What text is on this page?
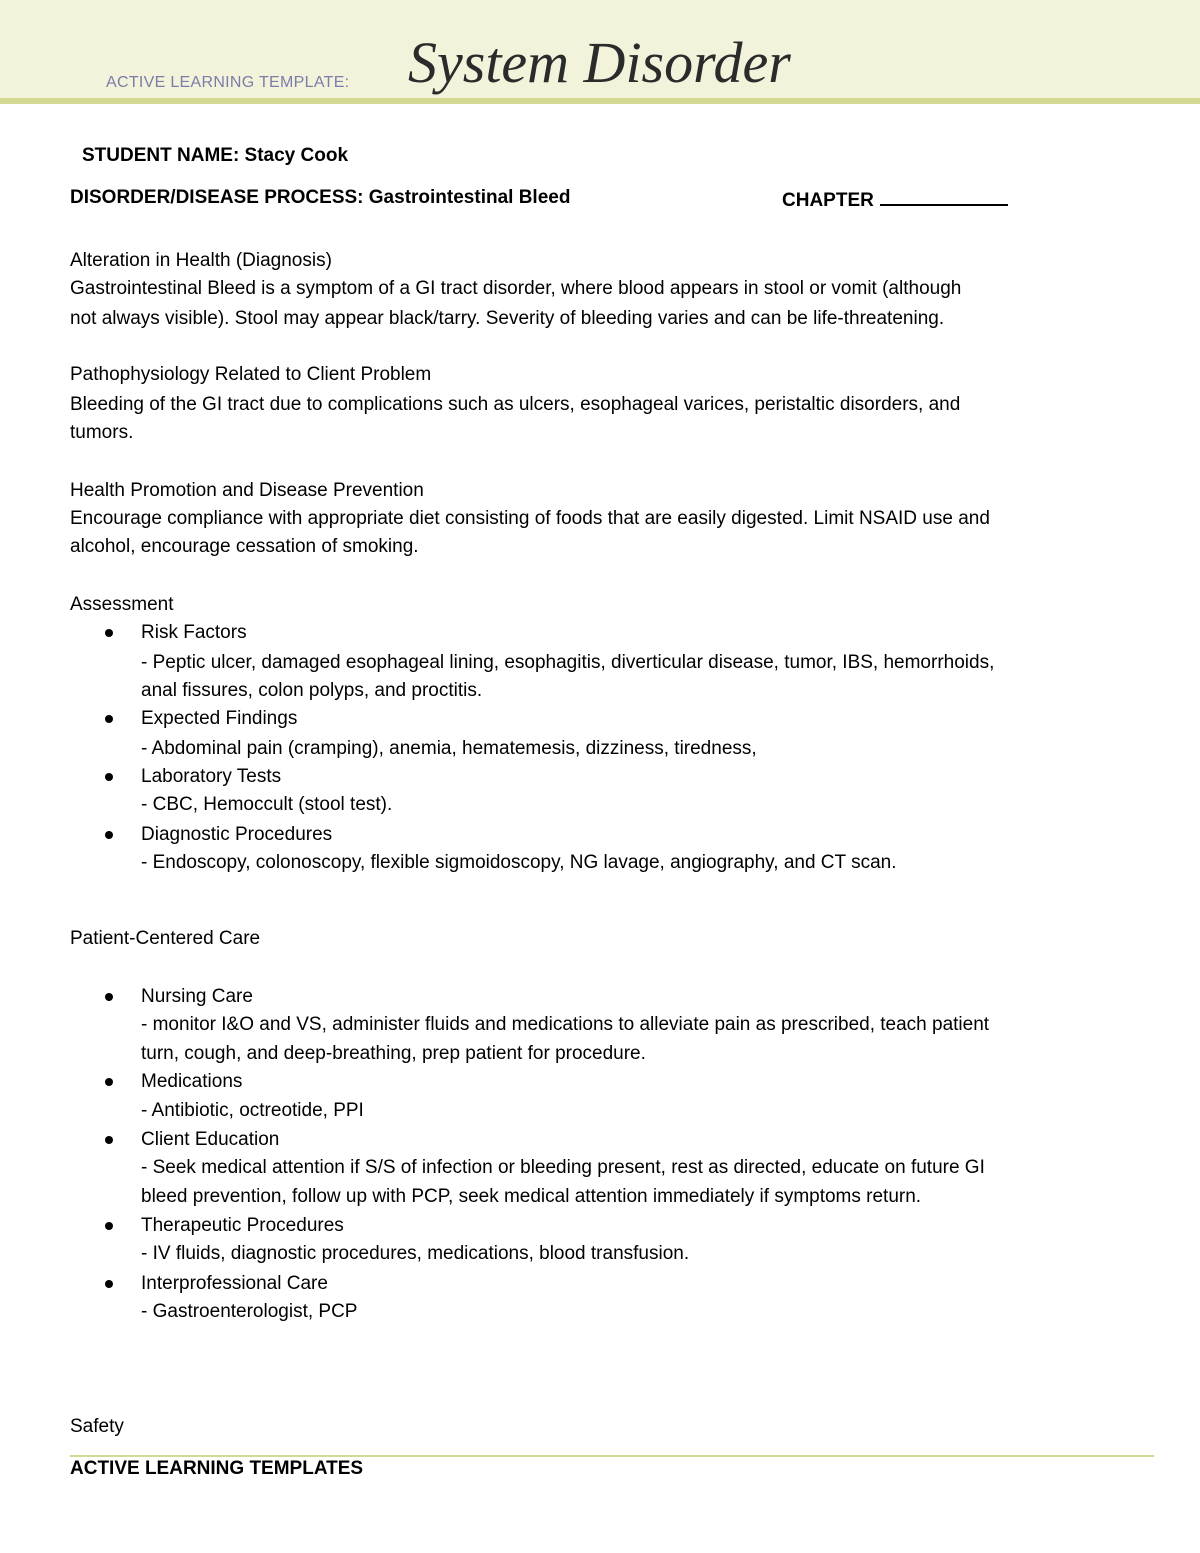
ACTIVE LEARNING TEMPLATE: System Disorder
STUDENT NAME: Stacy Cook
DISORDER/DISEASE PROCESS: Gastrointestinal Bleed	CHAPTER
Alteration in Health (Diagnosis)
Gastrointestinal Bleed is a symptom of a GI tract disorder, where blood appears in stool or vomit (although
not always visible). Stool may appear black/tarry. Severity of bleeding varies and can be life-threatening.
Pathophysiology Related to Client Problem
Bleeding of the GI tract due to complications such as ulcers, esophageal varices, peristaltic disorders, and
tumors.
Health Promotion and Disease Prevention
Encourage compliance with appropriate diet consisting of foods that are easily digested. Limit NSAID use and
alcohol, encourage cessation of smoking.
Assessment
Risk Factors
- Peptic ulcer, damaged esophageal lining, esophagitis, diverticular disease, tumor, IBS, hemorrhoids,
anal fissures, colon polyps, and proctitis.
Expected Findings
- Abdominal pain (cramping), anemia, hematemesis, dizziness, tiredness,
Laboratory Tests
- CBC, Hemoccult (stool test).
Diagnostic Procedures
- Endoscopy, colonoscopy, flexible sigmoidoscopy, NG lavage, angiography, and CT scan.
Patient-Centered Care
Nursing Care
- monitor I&O and VS, administer fluids and medications to alleviate pain as prescribed, teach patient
turn, cough, and deep-breathing, prep patient for procedure.
Medications
- Antibiotic, octreotide, PPI
Client Education
- Seek medical attention if S/S of infection or bleeding present, rest as directed, educate on future GI
bleed prevention, follow up with PCP, seek medical attention immediately if symptoms return.
Therapeutic Procedures
- IV fluids, diagnostic procedures, medications, blood transfusion.
Interprofessional Care
- Gastroenterologist, PCP
Safety
ACTIVE LEARNING TEMPLATES
